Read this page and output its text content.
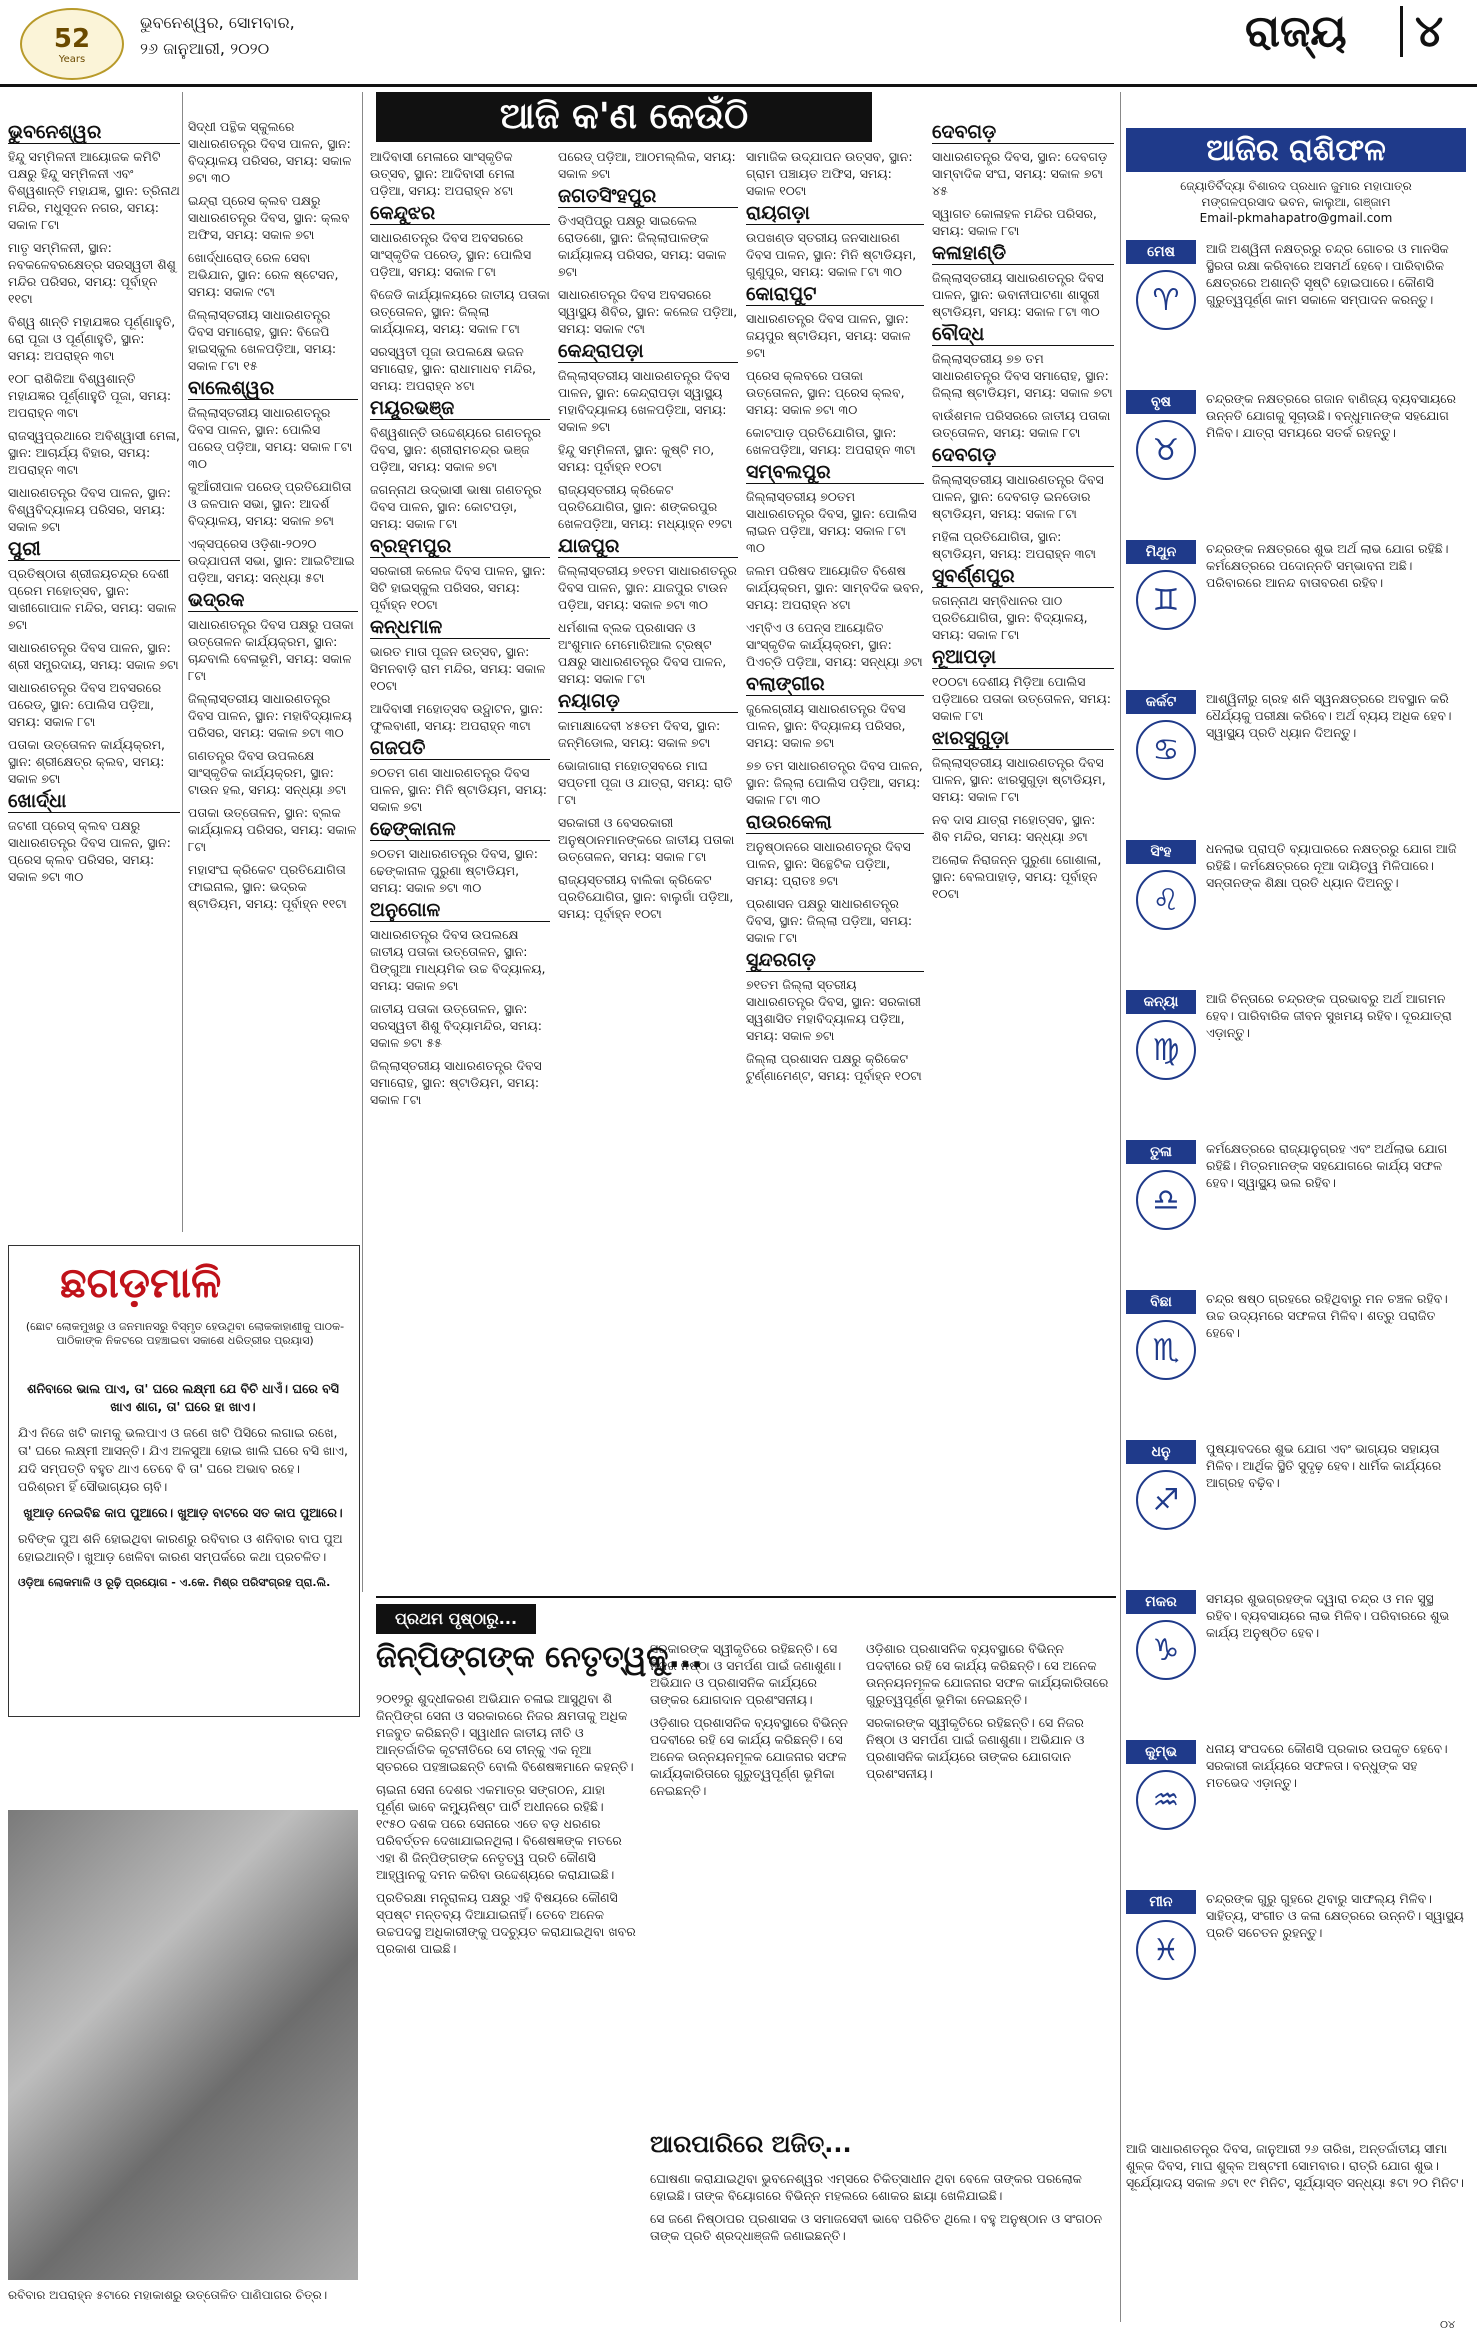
52
Years
ଭୁବନେଶ୍ୱର, ସୋମବାର,
୨୬ ଜାନୁଆରୀ, ୨୦୨୦	ରାଜ୍ୟ	୪
ଆଜି କ'ଣ କେଉଁଠି
ଭୁବନେଶ୍ୱର

ହିନ୍ଦୁ ସମ୍ମିଳନୀ ଆୟୋଜକ କମିଟି ପକ୍ଷରୁ ହିନ୍ଦୁ ସମ୍ମିଳନୀ ଏବଂ ବିଶ୍ୱଶାନ୍ତି ମହାଯଜ୍ଞ, ସ୍ଥାନ: ତ୍ରିନାଥ ମନ୍ଦିର, ମଧୁସୂଦନ ନଗର, ସମୟ: ସକାଳ ୮ଟା

ମାତୃ ସମ୍ମିଳନୀ, ସ୍ଥାନ: ନବକଳେବରକ୍ଷେତ୍ର ସରସ୍ୱତୀ ଶିଶୁ ମନ୍ଦିର ପରିସର, ସମୟ: ପୂର୍ବାହ୍ନ ୧୧ଟା

ବିଶ୍ୱ ଶାନ୍ତି ମହାଯଜ୍ଞର ପୂର୍ଣ୍ଣାହୁତି, ରୋ ପୂଜା ଓ ପୂର୍ଣ୍ଣାହୁତି, ସ୍ଥାନ: ସମୟ: ଅପରାହ୍ନ ୩ଟା

୧୦୮ ରାଶିକିଆ ବିଶ୍ୱଶାନ୍ତି ମହାଯଜ୍ଞର ପୂର୍ଣ୍ଣାହୁତି ପୂଜା, ସମୟ: ଅପରାହ୍ନ ୩ଟା

ରାଜସ୍ୱପ୍ରଥାରେ ଅବିଶ୍ୱାସୀ ମେଳା, ସ୍ଥାନ: ଆଚାର୍ଯ୍ୟ ବିହାର, ସମୟ: ଅପରାହ୍ନ ୩ଟା

ସାଧାରଣତନ୍ତ୍ର ଦିବସ ପାଳନ, ସ୍ଥାନ: ବିଶ୍ୱବିଦ୍ୟାଳୟ ପରିସର, ସମୟ: ସକାଳ ୭ଟା

ପୁରୀ

ପ୍ରତିଷ୍ଠାତା ଶ୍ରୀଜୟଚନ୍ଦ୍ର ଦେଶୀ ପ୍ରେମ ମହୋତ୍ସବ, ସ୍ଥାନ: ସାଖୀଗୋପାଳ ମନ୍ଦିର, ସମୟ: ସକାଳ ୭ଟା

ସାଧାରଣତନ୍ତ୍ର ଦିବସ ପାଳନ, ସ୍ଥାନ: ଶ୍ରୀ ସମ୍ପ୍ରଦାୟ, ସମୟ: ସକାଳ ୭ଟା

ସାଧାରଣତନ୍ତ୍ର ଦିବସ ଅବସରରେ ପରେଡ୍, ସ୍ଥାନ: ପୋଲିସ ପଡ଼ିଆ, ସମୟ: ସକାଳ ୮ଟା

ପତାକା ଉତ୍ତୋଳନ କାର୍ଯ୍ୟକ୍ରମ, ସ୍ଥାନ: ଶ୍ରୀକ୍ଷେତ୍ର କ୍ଲବ, ସମୟ: ସକାଳ ୭ଟା

ଖୋର୍ଦ୍ଧା

ଜଟଣୀ ପ୍ରେସ୍ କ୍ଲବ ପକ୍ଷରୁ ସାଧାରଣତନ୍ତ୍ର ଦିବସ ପାଳନ, ସ୍ଥାନ: ପ୍ରେସ କ୍ଲବ ପରିସର, ସମୟ: ସକାଳ ୭ଟା ୩୦

ସିଦ୍ଧୀ ପନ୍ଥିକ ସ୍କୁଲରେ ସାଧାରଣତନ୍ତ୍ର ଦିବସ ପାଳନ, ସ୍ଥାନ: ବିଦ୍ୟାଳୟ ପରିସର, ସମୟ: ସକାଳ ୭ଟା ୩୦

ଇନ୍ଦ୍ରା ପ୍ରେସ କ୍ଲବ ପକ୍ଷରୁ ସାଧାରଣତନ୍ତ୍ର ଦିବସ, ସ୍ଥାନ: କ୍ଲବ ଅଫିସ, ସମୟ: ସକାଳ ୭ଟା

ଖୋର୍ଦ୍ଧାରୋଡ୍ ରେଳ ସେବା ଅଭିଯାନ, ସ୍ଥାନ: ରେଳ ଷ୍ଟେସନ, ସମୟ: ସକାଳ ୯ଟା

ଜିଲ୍ଲାସ୍ତରୀୟ ସାଧାରଣତନ୍ତ୍ର ଦିବସ ସମାରୋହ, ସ୍ଥାନ: ବିଜେପି ହାଇସ୍କୁଲ ଖେଳପଡ଼ିଆ, ସମୟ: ସକାଳ ୮ଟା ୧୫

ବାଲେଶ୍ୱର

ଜିଲ୍ଲାସ୍ତରୀୟ ସାଧାରଣତନ୍ତ୍ର ଦିବସ ପାଳନ, ସ୍ଥାନ: ପୋଲିସ ପରେଡ୍ ପଡ଼ିଆ, ସମୟ: ସକାଳ ୮ଟା ୩୦

କୁଆଁରୀପାଳ ପରେଡ୍ ପ୍ରତିଯୋଗିତା ଓ ଜଳପାନ ସଭା, ସ୍ଥାନ: ଆଦର୍ଶ ବିଦ୍ୟାଳୟ, ସମୟ: ସକାଳ ୭ଟା

ଏକ୍ସପ୍ରେସ ଓଡ଼ିଶା-୨୦୨୦ ଉଦ୍ଯାପନୀ ସଭା, ସ୍ଥାନ: ଆଇଟିଆଇ ପଡ଼ିଆ, ସମୟ: ସନ୍ଧ୍ୟା ୫ଟା

ଭଦ୍ରକ

ସାଧାରଣତନ୍ତ୍ର ଦିବସ ପକ୍ଷରୁ ପତାକା ଉତ୍ତୋଳନ କାର୍ଯ୍ୟକ୍ରମ, ସ୍ଥାନ: ଚାନ୍ଦବାଲି ବେଳାଭୂମି, ସମୟ: ସକାଳ ୮ଟା

ଜିଲ୍ଲାସ୍ତରୀୟ ସାଧାରଣତନ୍ତ୍ର ଦିବସ ପାଳନ, ସ୍ଥାନ: ମହାବିଦ୍ୟାଳୟ ପରିସର, ସମୟ: ସକାଳ ୭ଟା ୩୦

ଗଣତନ୍ତ୍ର ଦିବସ ଉପଲକ୍ଷେ ସାଂସ୍କୃତିକ କାର୍ଯ୍ୟକ୍ରମ, ସ୍ଥାନ: ଟାଉନ ହଲ, ସମୟ: ସନ୍ଧ୍ୟା ୬ଟା

ପତାକା ଉତ୍ତୋଳନ, ସ୍ଥାନ: ବ୍ଲକ କାର୍ଯ୍ୟାଳୟ ପରିସର, ସମୟ: ସକାଳ ୮ଟା

ମହାସଂଘ କ୍ରିକେଟ ପ୍ରତିଯୋଗିତା ଫାଇନାଲ, ସ୍ଥାନ: ଭଦ୍ରକ ଷ୍ଟାଡିୟମ, ସମୟ: ପୂର୍ବାହ୍ନ ୧୧ଟା

ଆଦିବାସୀ ମେଳାରେ ସାଂସ୍କୃତିକ ଉତ୍ସବ, ସ୍ଥାନ: ଆଦିବାସୀ ମେଳା ପଡ଼ିଆ, ସମୟ: ଅପରାହ୍ନ ୪ଟା

କେନ୍ଦୁଝର

ସାଧାରଣତନ୍ତ୍ର ଦିବସ ଅବସରରେ ସାଂସ୍କୃତିକ ପରେଡ୍, ସ୍ଥାନ: ପୋଲିସ ପଡ଼ିଆ, ସମୟ: ସକାଳ ୮ଟା

ବିଜେଡି କାର୍ଯ୍ୟାଳୟରେ ଜାତୀୟ ପତାକା ଉତ୍ତୋଳନ, ସ୍ଥାନ: ଜିଲ୍ଲା କାର୍ଯ୍ୟାଳୟ, ସମୟ: ସକାଳ ୮ଟା

ସରସ୍ୱତୀ ପୂଜା ଉପଲକ୍ଷେ ଭଜନ ସମାରୋହ, ସ୍ଥାନ: ରାଧାମାଧବ ମନ୍ଦିର, ସମୟ: ଅପରାହ୍ନ ୪ଟା

ମୟୂରଭଞ୍ଜ

ବିଶ୍ୱଶାନ୍ତି ଉଦ୍ଦେଶ୍ୟରେ ଗଣତନ୍ତ୍ର ଦିବସ, ସ୍ଥାନ: ଶ୍ରୀରାମଚନ୍ଦ୍ର ଭଞ୍ଜ ପଡ଼ିଆ, ସମୟ: ସକାଳ ୭ଟା

ଜଗନ୍ନାଥ ଉଦ୍ଭାସୀ ଭାଷା ଗଣତନ୍ତ୍ର ଦିବସ ପାଳନ, ସ୍ଥାନ: କୋଟପଡ଼ା, ସମୟ: ସକାଳ ୮ଟା

ବ୍ରହ୍ମପୁର

ସରକାରୀ କଲେଜ ଦିବସ ପାଳନ, ସ୍ଥାନ: ସିଟି ହାଇସ୍କୁଲ ପରିସର, ସମୟ: ପୂର୍ବାହ୍ନ ୧୦ଟା

କନ୍ଧମାଳ

ଭାରତ ମାତା ପୂଜନ ଉତ୍ସବ, ସ୍ଥାନ: ସିମନବାଡ଼ି ରାମ ମନ୍ଦିର, ସମୟ: ସକାଳ ୧୦ଟା

ଆଦିବାସୀ ମହୋତ୍ସବ ଉଦ୍ଘାଟନ, ସ୍ଥାନ: ଫୁଲବାଣୀ, ସମୟ: ଅପରାହ୍ନ ୩ଟା

ଗଜପତି

୭୦ତମ ଗଣ ସାଧାରଣତନ୍ତ୍ର ଦିବସ ପାଳନ, ସ୍ଥାନ: ମିନି ଷ୍ଟାଡିୟମ, ସମୟ: ସକାଳ ୭ଟା

ଢେଙ୍କାନାଳ

୭୦ତମ ସାଧାରଣତନ୍ତ୍ର ଦିବସ, ସ୍ଥାନ: ଢେଙ୍କାନାଳ ପୁରୁଣା ଷ୍ଟାଡିୟମ, ସମୟ: ସକାଳ ୭ଟା ୩୦

ଅନୁଗୋଳ

ସାଧାରଣତନ୍ତ୍ର ଦିବସ ଉପଲକ୍ଷେ ଜାତୀୟ ପତାକା ଉତ୍ତୋଳନ, ସ୍ଥାନ: ପିଙ୍ଗୁଆ ମାଧ୍ୟମିକ ଉଚ୍ଚ ବିଦ୍ୟାଳୟ, ସମୟ: ସକାଳ ୭ଟା

ଜାତୀୟ ପତାକା ଉତ୍ତୋଳନ, ସ୍ଥାନ: ସରସ୍ୱତୀ ଶିଶୁ ବିଦ୍ୟାମନ୍ଦିର, ସମୟ: ସକାଳ ୭ଟା ୫୫

ଜିଲ୍ଲାସ୍ତରୀୟ ସାଧାରଣତନ୍ତ୍ର ଦିବସ ସମାରୋହ, ସ୍ଥାନ: ଷ୍ଟାଡିୟମ, ସମୟ: ସକାଳ ୮ଟା

ପରେଡ୍ ପଡ଼ିଆ, ଆଠମଲ୍ଲିକ, ସମୟ: ସକାଳ ୭ଟା

ଜଗତସିଂହପୁର

ଡିଏସ୍ପିପ୍ରୁ ପକ୍ଷରୁ ସାଇକେଲ ରୋଡଶୋ, ସ୍ଥାନ: ଜିଲ୍ଲାପାଳଙ୍କ କାର୍ଯ୍ୟାଳୟ ପରିସର, ସମୟ: ସକାଳ ୭ଟା

ସାଧାରଣତନ୍ତ୍ର ଦିବସ ଅବସରରେ ସ୍ୱାସ୍ଥ୍ୟ ଶିବିର, ସ୍ଥାନ: କଲେଜ ପଡ଼ିଆ, ସମୟ: ସକାଳ ୯ଟା

କେନ୍ଦ୍ରାପଡ଼ା

ଜିଲ୍ଲାସ୍ତରୀୟ ସାଧାରଣତନ୍ତ୍ର ଦିବସ ପାଳନ, ସ୍ଥାନ: କେନ୍ଦ୍ରାପଡ଼ା ସ୍ୱାସ୍ଥ୍ୟ ମହାବିଦ୍ୟାଳୟ ଖେଳପଡ଼ିଆ, ସମୟ: ସକାଳ ୭ଟା

ହିନ୍ଦୁ ସମ୍ମିଳନୀ, ସ୍ଥାନ: କୁଷ୍ଟି ମଠ, ସମୟ: ପୂର୍ବାହ୍ନ ୧୦ଟା

ରାଜ୍ୟସ୍ତରୀୟ କ୍ରିକେଟ ପ୍ରତିଯୋଗିତା, ସ୍ଥାନ: ଶଙ୍କରପୁର ଖେଳପଡ଼ିଆ, ସମୟ: ମଧ୍ୟାହ୍ନ ୧୨ଟା

ଯାଜପୁର

ଜିଲ୍ଲାସ୍ତରୀୟ ୭୧ତମ ସାଧାରଣତନ୍ତ୍ର ଦିବସ ପାଳନ, ସ୍ଥାନ: ଯାଜପୁର ଟାଉନ ପଡ଼ିଆ, ସମୟ: ସକାଳ ୭ଟା ୩୦

ଧର୍ମଶାଳା ବ୍ଲକ ପ୍ରଶାସନ ଓ ଅଂଶୁମାନ ମେମୋରିଆଲ ଟ୍ରଷ୍ଟ ପକ୍ଷରୁ ସାଧାରଣତନ୍ତ୍ର ଦିବସ ପାଳନ, ସମୟ: ସକାଳ ୮ଟା

ନୟାଗଡ଼

କାମାକ୍ଷାଦେବୀ ୪୫ତମ ଦିବସ, ସ୍ଥାନ: ଜନ୍ମିଡୋଲ, ସମୟ: ସକାଳ ୭ଟା

ଭୋଜାଗାରା ମହୋତ୍ସବରେ ମାଘ ସପ୍ତମୀ ପୂଜା ଓ ଯାତ୍ରା, ସମୟ: ରାତି ୮ଟା

ସରକାରୀ ଓ ବେସରକାରୀ ଅନୁଷ୍ଠାନମାନଙ୍କରେ ଜାତୀୟ ପତାକା ଉତ୍ତୋଳନ, ସମୟ: ସକାଳ ୮ଟା

ରାଜ୍ୟସ୍ତରୀୟ ବାଲିକା କ୍ରିକେଟ ପ୍ରତିଯୋଗିତା, ସ୍ଥାନ: ବାଲୁଗାଁ ପଡ଼ିଆ, ସମୟ: ପୂର୍ବାହ୍ନ ୧୦ଟା

ସାମାଜିକ ଉଦ୍ଯାପନ ଉତ୍ସବ, ସ୍ଥାନ: ଗ୍ରାମ ପଞ୍ଚାୟତ ଅଫିସ, ସମୟ: ସକାଳ ୧୦ଟା

ରାୟଗଡ଼ା

ଉପଖଣ୍ଡ ସ୍ତରୀୟ ଜନସାଧାରଣ ଦିବସ ପାଳନ, ସ୍ଥାନ: ମିନି ଷ୍ଟାଡିୟମ, ଗୁଣୁପୁର, ସମୟ: ସକାଳ ୮ଟା ୩୦

କୋରାପୁଟ

ସାଧାରଣତନ୍ତ୍ର ଦିବସ ପାଳନ, ସ୍ଥାନ: ଜୟପୁର ଷ୍ଟାଡିୟମ, ସମୟ: ସକାଳ ୭ଟା

ପ୍ରେସ କ୍ଲବରେ ପତାକା ଉତ୍ତୋଳନ, ସ୍ଥାନ: ପ୍ରେସ କ୍ଲବ, ସମୟ: ସକାଳ ୭ଟା ୩୦

କୋଟପାଡ଼ ପ୍ରତିଯୋଗିତା, ସ୍ଥାନ: ଖେଳପଡ଼ିଆ, ସମୟ: ଅପରାହ୍ନ ୩ଟା

ସମ୍ବଲପୁର

ଜିଲ୍ଲାସ୍ତରୀୟ ୭୦ତମ ସାଧାରଣତନ୍ତ୍ର ଦିବସ, ସ୍ଥାନ: ପୋଲିସ ଲାଇନ ପଡ଼ିଆ, ସମୟ: ସକାଳ ୮ଟା ୩୦

ଜଲମ ପରିଷଦ ଆୟୋଜିତ ବିଶେଷ କାର୍ଯ୍ୟକ୍ରମ, ସ୍ଥାନ: ସାମ୍ବଦିକ ଭବନ, ସମୟ: ଅପରାହ୍ନ ୪ଟା

ଏମ୍ବିଏ ଓ ପେନ୍ସ ଆୟୋଜିତ ସାଂସ୍କୃତିକ କାର୍ଯ୍ୟକ୍ରମ, ସ୍ଥାନ: ପିଏଚ୍ଡି ପଡ଼ିଆ, ସମୟ: ସନ୍ଧ୍ୟା ୬ଟା

ବଲାଙ୍ଗୀର

ଜୁଲେଗ୍ରୀୟ ସାଧାରଣତନ୍ତ୍ର ଦିବସ ପାଳନ, ସ୍ଥାନ: ବିଦ୍ୟାଳୟ ପରିସର, ସମୟ: ସକାଳ ୭ଟା

୭୭ ତମ ସାଧାରଣତନ୍ତ୍ର ଦିବସ ପାଳନ, ସ୍ଥାନ: ଜିଲ୍ଲା ପୋଲିସ ପଡ଼ିଆ, ସମୟ: ସକାଳ ୮ଟା ୩୦

ରାଉରକେଲା

ଅନୁଷ୍ଠାନରେ ସାଧାରଣତନ୍ତ୍ର ଦିବସ ପାଳନ, ସ୍ଥାନ: ସିନ୍ଥେଟିକ ପଡ଼ିଆ, ସମୟ: ପ୍ରାତଃ ୭ଟା

ପ୍ରଶାସନ ପକ୍ଷରୁ ସାଧାରଣତନ୍ତ୍ର ଦିବସ, ସ୍ଥାନ: ଜିଲ୍ଲା ପଡ଼ିଆ, ସମୟ: ସକାଳ ୮ଟା

ସୁନ୍ଦରଗଡ଼

୭୧ତମ ଜିଲ୍ଲା ସ୍ତରୀୟ ସାଧାରଣତନ୍ତ୍ର ଦିବସ, ସ୍ଥାନ: ସରକାରୀ ସ୍ୱଶାସିତ ମହାବିଦ୍ୟାଳୟ ପଡ଼ିଆ, ସମୟ: ସକାଳ ୭ଟା

ଜିଲ୍ଲା ପ୍ରଶାସନ ପକ୍ଷରୁ କ୍ରିକେଟ ଟୁର୍ଣ୍ଣାମେଣ୍ଟ, ସମୟ: ପୂର୍ବାହ୍ନ ୧୦ଟା

ଦେବଗଡ଼

ସାଧାରଣତନ୍ତ୍ର ଦିବସ, ସ୍ଥାନ: ଦେବଗଡ଼ ସାମ୍ବାଦିକ ସଂଘ, ସମୟ: ସକାଳ ୭ଟା ୪୫

ସ୍ୱାଗତ କୋଳାହଳ ମନ୍ଦିର ପରିସର, ସମୟ: ସକାଳ ୮ଟା

କଳାହାଣ୍ଡି

ଜିଲ୍ଲାସ୍ତରୀୟ ସାଧାରଣତନ୍ତ୍ର ଦିବସ ପାଳନ, ସ୍ଥାନ: ଭବାନୀପାଟଣା ଶାସ୍ତ୍ରୀ ଷ୍ଟାଡିୟମ, ସମୟ: ସକାଳ ୮ଟା ୩୦

ବୌଦ୍ଧ

ଜିଲ୍ଲାସ୍ତରୀୟ ୭୭ ତମ ସାଧାରଣତନ୍ତ୍ର ଦିବସ ସମାରୋହ, ସ୍ଥାନ: ଜିଲ୍ଲା ଷ୍ଟାଡିୟମ, ସମୟ: ସକାଳ ୭ଟା

ବାଉଁଶମଳ ପରିସରରେ ଜାତୀୟ ପତାକା ଉତ୍ତୋଳନ, ସମୟ: ସକାଳ ୮ଟା

ଦେବଗଡ଼

ଜିଲ୍ଲାସ୍ତରୀୟ ସାଧାରଣତନ୍ତ୍ର ଦିବସ ପାଳନ, ସ୍ଥାନ: ଦେବଗଡ଼ ଇନଡୋର ଷ୍ଟାଡିୟମ, ସମୟ: ସକାଳ ୮ଟା

ମହିଳା ପ୍ରତିଯୋଗିତା, ସ୍ଥାନ: ଷ୍ଟାଡିୟମ, ସମୟ: ଅପରାହ୍ନ ୩ଟା

ସୁବର୍ଣ୍ଣପୁର

ଜଗନ୍ନାଥ ସମ୍ବିଧାନର ପାଠ ପ୍ରତିଯୋଗିତା, ସ୍ଥାନ: ବିଦ୍ୟାଳୟ, ସମୟ: ସକାଳ ୮ଟା

ନୂଆପଡ଼ା

୧୦୦ଟା ଦେଶୀୟ ମିଡ଼ିଆ ପୋଲିସ ପଡ଼ିଆରେ ପତାକା ଉତ୍ତୋଳନ, ସମୟ: ସକାଳ ୮ଟା

ଝାରସୁଗୁଡ଼ା

ଜିଲ୍ଲାସ୍ତରୀୟ ସାଧାରଣତନ୍ତ୍ର ଦିବସ ପାଳନ, ସ୍ଥାନ: ଝାରସୁଗୁଡ଼ା ଷ୍ଟାଡିୟମ, ସମୟ: ସକାଳ ୮ଟା

ନବ ଦାସ ଯାତ୍ରା ମହୋତ୍ସବ, ସ୍ଥାନ: ଶିବ ମନ୍ଦିର, ସମୟ: ସନ୍ଧ୍ୟା ୬ଟା

ଅଲୋକ ନିରାଜନ୍ନ ପୁରୁଣା ଗୋଶାଳା, ସ୍ଥାନ: ବେଲପାହାଡ଼, ସମୟ: ପୂର୍ବାହ୍ନ ୧୦ଟା

ଛଗଡ଼ମାଳି
(ଛୋଟ ଲୋକମୁଖରୁ ଓ ଜନମାନସରୁ ବିସ୍ମୃତ ହେଉଥିବା ଲୋକକାହାଣୀକୁ ପାଠକ-ପାଠିକାଙ୍କ ନିକଟରେ ପହଞ୍ଚାଇବା ସକାଶେ ଧରିତ୍ରୀର ପ୍ରୟାସ)

ଶନିବାରେ ଭାଲ ପାଏ, ତା' ଘରେ ଲକ୍ଷ୍ମୀ ଯେ ବିଚି ଧାଏଁ। ଘରେ ବସି ଖାଏ ଶାଗ, ତା' ଘରେ ହା ଖାଏ।

ଯିଏ ନିଜେ ଖଟି କାମକୁ ଭଲପାଏ ଓ ଜଣେ ଖଟି ପିସିରେ ଲଗାଇ ରଖେ, ତା' ଘରେ ଲକ୍ଷ୍ମୀ ଆସନ୍ତି। ଯିଏ ଅଳସୁଆ ହୋଇ ଖାଲି ଘରେ ବସି ଖାଏ, ଯଦି ସମ୍ପତ୍ତି ବହୁତ ଥାଏ ତେବେ ବି ତା' ଘରେ ଅଭାବ ରହେ। ପରିଶ୍ରମ ହିଁ ସୌଭାଗ୍ୟର ଚାବି।

ଖୁଆଡ଼ ନେଇବିଛ କାପ ପୁଆରେ। ଖୁଆଡ଼ ବାଟରେ ସତ କାପ ପୁଆରେ।

ରବିଙ୍କ ପୁଅ ଶନି ହୋଇଥିବା କାରଣରୁ ରବିବାର ଓ ଶନିବାର ବାପ ପୁଅ ହୋଇଥାନ୍ତି। ଖୁଆଡ଼ ଖେଳିବା କାରଣ ସମ୍ପର୍କରେ କଥା ପ୍ରଚଳିତ।

ଓଡ଼ିଆ ଲୋକମାଳି ଓ ରୂଢ଼ି ପ୍ରୟୋଗ - ଏ.କେ. ମିଶ୍ର ପରିସଂଗ୍ରହ ପ୍ରା.ଲି.

ରବିବାର ଅପରାହ୍ନ ୫ଟାରେ ମହାକାଶରୁ ଉତ୍ତୋଳିତ ପାଣିପାଗର ଚିତ୍ର।
ପ୍ରଥମ ପୃଷ୍ଠାରୁ...
ଜିନ୍‌ପିଙ୍ଗଙ୍କ ନେତୃତ୍ୱକୁ...

୨୦୧୨ରୁ ଶୁଦ୍ଧୀକରଣ ଅଭିଯାନ ଚଳାଇ ଆସୁଥିବା ଶି ଜିନ୍‌ପିଙ୍ଗ ସେନା ଓ ସରକାରରେ ନିଜର କ୍ଷମତାକୁ ଅଧିକ ମଜବୁତ କରିଛନ୍ତି। ସ୍ୱାଧୀନ ଜାତୀୟ ନୀତି ଓ ଆନ୍ତର୍ଜାତିକ କୂଟନୀତିରେ ସେ ଚୀନ୍‌କୁ ଏକ ନୂଆ ସ୍ତରରେ ପହଞ୍ଚାଇଛନ୍ତି ବୋଲି ବିଶେଷଜ୍ଞମାନେ କହନ୍ତି।

ଚାଇନା ସେନା ଦେଶର ଏକମାତ୍ର ସଙ୍ଗଠନ, ଯାହା ପୂର୍ଣ୍ଣ ଭାବେ କମ୍ୟୁନିଷ୍ଟ ପାର୍ଟି ଅଧୀନରେ ରହିଛି। ୧୯୫୦ ଦଶକ ପରେ ସେନାରେ ଏତେ ବଡ଼ ଧରଣର ପରିବର୍ତ୍ତନ ଦେଖାଯାଇନଥିଲା। ବିଶେଷଜ୍ଞଙ୍କ ମତରେ ଏହା ଶି ଜିନ୍‌ପିଙ୍ଗଙ୍କ ନେତୃତ୍ୱ ପ୍ରତି କୌଣସି ଆହ୍ୱାନକୁ ଦମନ କରିବା ଉଦ୍ଦେଶ୍ୟରେ କରାଯାଇଛି।

ପ୍ରତିରକ୍ଷା ମନ୍ତ୍ରାଳୟ ପକ୍ଷରୁ ଏହି ବିଷୟରେ କୌଣସି ସ୍ପଷ୍ଟ ମନ୍ତବ୍ୟ ଦିଆଯାଇନାହିଁ। ତେବେ ଅନେକ ଉଚ୍ଚପଦସ୍ଥ ଅଧିକାରୀଙ୍କୁ ପଦଚ୍ୟୁତ କରାଯାଇଥିବା ଖବର ପ୍ରକାଶ ପାଇଛି।

ସରକାରଙ୍କ ସ୍ୱୀକୃତିରେ ରହିଛନ୍ତି। ସେ ନିଜର ନିଷ୍ଠା ଓ ସମର୍ପଣ ପାଇଁ ଜଣାଶୁଣା। ଅଭିଯାନ ଓ ପ୍ରଶାସନିକ କାର୍ଯ୍ୟରେ ତାଙ୍କର ଯୋଗଦାନ ପ୍ରଶଂସନୀୟ।

ଓଡ଼ିଶାର ପ୍ରଶାସନିକ ବ୍ୟବସ୍ଥାରେ ବିଭିନ୍ନ ପଦବୀରେ ରହି ସେ କାର୍ଯ୍ୟ କରିଛନ୍ତି। ସେ ଅନେକ ଉନ୍ନୟନମୂଳକ ଯୋଜନାର ସଫଳ କାର୍ଯ୍ୟକାରିତାରେ ଗୁରୁତ୍ୱପୂର୍ଣ୍ଣ ଭୂମିକା ନେଇଛନ୍ତି।

ଆରପାରିରେ ଅଜିତ୍...

ଘୋଷଣା କରାଯାଇଥିବା ଭୁବନେଶ୍ୱର ଏମ୍ସରେ ଚିକିତ୍ସାଧୀନ ଥିବା ବେଳେ ତାଙ୍କର ପରଲୋକ ହୋଇଛି। ତାଙ୍କ ବିୟୋଗରେ ବିଭିନ୍ନ ମହଲରେ ଶୋକର ଛାୟା ଖେଳିଯାଇଛି।

ସେ ଜଣେ ନିଷ୍ଠାପର ପ୍ରଶାସକ ଓ ସମାଜସେବୀ ଭାବେ ପରିଚିତ ଥିଲେ। ବହୁ ଅନୁଷ୍ଠାନ ଓ ସଂଗଠନ ତାଙ୍କ ପ୍ରତି ଶ୍ରଦ୍ଧାଞ୍ଜଳି ଜଣାଇଛନ୍ତି।

ଓଡ଼ିଶାର ପ୍ରଶାସନିକ ବ୍ୟବସ୍ଥାରେ ବିଭିନ୍ନ ପଦବୀରେ ରହି ସେ କାର୍ଯ୍ୟ କରିଛନ୍ତି। ସେ ଅନେକ ଉନ୍ନୟନମୂଳକ ଯୋଜନାର ସଫଳ କାର୍ଯ୍ୟକାରିତାରେ ଗୁରୁତ୍ୱପୂର୍ଣ୍ଣ ଭୂମିକା ନେଇଛନ୍ତି।

ସରକାରଙ୍କ ସ୍ୱୀକୃତିରେ ରହିଛନ୍ତି। ସେ ନିଜର ନିଷ୍ଠା ଓ ସମର୍ପଣ ପାଇଁ ଜଣାଶୁଣା। ଅଭିଯାନ ଓ ପ୍ରଶାସନିକ କାର୍ଯ୍ୟରେ ତାଙ୍କର ଯୋଗଦାନ ପ୍ରଶଂସନୀୟ।

ଆଜିର ରାଶିଫଳ
ଜ୍ୟୋତିର୍ବିଦ୍ୟା ବିଶାରଦ ପ୍ରଧାନ ଜୁମାର ମହାପାତ୍ର
ମଙ୍ଗଳପ୍ରସାଦ ଭବନ, କାଲୁଆ, ଗଞ୍ଜାମ
Email-pkmahapatro@gmail.com
ମେଷ
♈
ଆଜି ଅଶ୍ୱିନୀ ନକ୍ଷତ୍ରରୁ ଚନ୍ଦ୍ର ଗୋଚର ଓ ମାନସିକ ସ୍ଥିରତା ରକ୍ଷା କରିବାରେ ଅସମର୍ଥ ହେବେ। ପାରିବାରିକ କ୍ଷେତ୍ରରେ ଅଶାନ୍ତି ସୃଷ୍ଟି ହୋଇପାରେ। କୌଣସି ଗୁରୁତ୍ୱପୂର୍ଣ୍ଣ କାମ ସକାଳେ ସମ୍ପାଦନ କରନ୍ତୁ।
ବୃଷ
♉
ଚନ୍ଦ୍ରଙ୍କ ନକ୍ଷତ୍ରରେ ଗଜାନ ବାଣିଜ୍ୟ ବ୍ୟବସାୟରେ ଉନ୍ନତି ଯୋଗକୁ ସୂଚାଉଛି। ବନ୍ଧୁମାନଙ୍କ ସହଯୋଗ ମିଳିବ। ଯାତ୍ରା ସମୟରେ ସତର୍କ ରହନ୍ତୁ।
ମିଥୁନ
♊
ଚନ୍ଦ୍ରଙ୍କ ନକ୍ଷତ୍ରରେ ଶୁଭ ଅର୍ଥ ଲାଭ ଯୋଗ ରହିଛି। କର୍ମକ୍ଷେତ୍ରରେ ପଦୋନ୍ନତି ସମ୍ଭାବନା ଅଛି। ପରିବାରରେ ଆନନ୍ଦ ବାତାବରଣ ରହିବ।
କର୍କଟ
♋
ଆଶ୍ୱିନୀରୁ ଗ୍ରହ ଶନି ସ୍ୱନକ୍ଷତ୍ରରେ ଅବସ୍ଥାନ କରି ଧୈର୍ଯ୍ୟକୁ ପରୀକ୍ଷା କରିବେ। ଅର୍ଥ ବ୍ୟୟ ଅଧିକ ହେବ। ସ୍ୱାସ୍ଥ୍ୟ ପ୍ରତି ଧ୍ୟାନ ଦିଅନ୍ତୁ।
ସିଂହ
♌
ଧନଲାଭ ପ୍ରାପ୍ତି ବ୍ୟାପାରରେ ନକ୍ଷତ୍ରରୁ ଯୋଗ ଆଜି ରହିଛି। କର୍ମକ୍ଷେତ୍ରରେ ନୂଆ ଦାୟିତ୍ୱ ମିଳିପାରେ। ସନ୍ତାନଙ୍କ ଶିକ୍ଷା ପ୍ରତି ଧ୍ୟାନ ଦିଅନ୍ତୁ।
କନ୍ୟା
♍
ଆଜି ଚିନ୍ତାରେ ଚନ୍ଦ୍ରଙ୍କ ପ୍ରଭାବରୁ ଅର୍ଥ ଆଗମନ ହେବ। ପାରିବାରିକ ଜୀବନ ସୁଖମୟ ରହିବ। ଦୂରଯାତ୍ରା ଏଡ଼ାନ୍ତୁ।
ତୁଳା
♎
କର୍ମକ୍ଷେତ୍ରରେ ରାଜ୍ୟାନୁଗ୍ରହ ଏବଂ ଅର୍ଥଲାଭ ଯୋଗ ରହିଛି। ମିତ୍ରମାନଙ୍କ ସହଯୋଗରେ କାର୍ଯ୍ୟ ସଫଳ ହେବ। ସ୍ୱାସ୍ଥ୍ୟ ଭଲ ରହିବ।
ବିଛା
♏
ଚନ୍ଦ୍ର ଷଷ୍ଠ ଗ୍ରହରେ ରହିଥିବାରୁ ମନ ଚଞ୍ଚଳ ରହିବ। ଉଚ୍ଚ ଉଦ୍ୟମରେ ସଫଳତା ମିଳିବ। ଶତ୍ରୁ ପରାଜିତ ହେବେ।
ଧନୁ
♐
ପୁଷ୍ୟାବଦରେ ଶୁଭ ଯୋଗ ଏବଂ ଭାଗ୍ୟର ସହାୟତା ମିଳିବ। ଆର୍ଥିକ ସ୍ଥିତି ସୁଦୃଢ଼ ହେବ। ଧାର୍ମିକ କାର୍ଯ୍ୟରେ ଆଗ୍ରହ ବଢ଼ିବ।
ମକର
♑
ସମୟର ଶୁଭଗ୍ରହଙ୍କ ଦ୍ୱାରା ଚନ୍ଦ୍ର ଓ ମନ ସୁସ୍ଥ ରହିବ। ବ୍ୟବସାୟରେ ଲାଭ ମିଳିବ। ପରିବାରରେ ଶୁଭ କାର୍ଯ୍ୟ ଅନୁଷ୍ଠିତ ହେବ।
କୁମ୍ଭ
♒
ଧନାୟ ସଂପଦରେ କୌଣସି ପ୍ରକାର ଉପକୃତ ହେବେ। ସରକାରୀ କାର୍ଯ୍ୟରେ ସଫଳତା। ବନ୍ଧୁଙ୍କ ସହ ମତଭେଦ ଏଡ଼ାନ୍ତୁ।
ମୀନ
♓
ଚନ୍ଦ୍ରଙ୍କ ଗୁରୁ ଗୁହରେ ଥିବାରୁ ସାଫଲ୍ୟ ମିଳିବ। ସାହିତ୍ୟ, ସଂଗୀତ ଓ କଳା କ୍ଷେତ୍ରରେ ଉନ୍ନତି। ସ୍ୱାସ୍ଥ୍ୟ ପ୍ରତି ସଚେତନ ରୁହନ୍ତୁ।
ଆଜି ସାଧାରଣତନ୍ତ୍ର ଦିବସ, ଜାନୁଆରୀ ୨୬ ତାରିଖ, ଅନ୍ତର୍ଜାତୀୟ ସୀମା ଶୁଳ୍କ ଦିବସ, ମାଘ ଶୁକ୍ଳ ଅଷ୍ଟମୀ ସୋମବାର। ରାତ୍ରି ଯୋଗ ଶୁଭ। ସୂର୍ଯ୍ୟୋଦୟ ସକାଳ ୬ଟା ୧୯ ମିନିଟ, ସୂର୍ଯ୍ୟାସ୍ତ ସନ୍ଧ୍ୟା ୫ଟା ୨୦ ମିନିଟ।
୦୪
